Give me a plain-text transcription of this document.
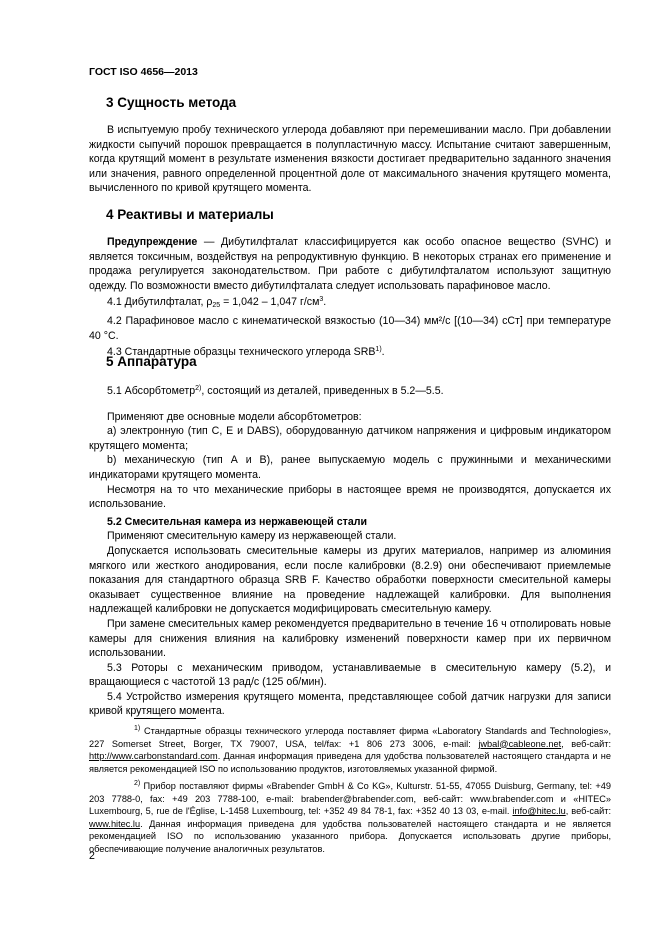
ГОСТ ISO 4656—2013
3 Сущность метода

В испытуемую пробу технического углерода добавляют при перемешивании масло. При добавлении жидкости сыпучий порошок превращается в полупластичную массу. Испытание считают завершенным, когда крутящий момент в результате изменения вязкости достигает предварительно заданного значения или значения, равного определенной процентной доле от максимального значения крутящего момента, вычисленного по кривой крутящего момента.

4 Реактивы и материалы

Предупреждение — Дибутилфталат классифицируется как особо опасное вещество (SVHC) и является токсичным, воздействуя на репродуктивную функцию. В некоторых странах его применение и продажа регулируется законодательством. При работе с дибутилфталатом используют защитную одежду. По возможности вместо дибутилфталата следует использовать парафиновое масло.

4.1 Дибутилфталат, $\rho_{25} = 1,042 - 1,047$ $г/см^3$.

4.2 Парафиновое масло с кинематической вязкостью (10—34) мм²/с [(10—34) сСт] при температуре 40 °С.

4.3 Стандартные образцы технического углерода SRB$^{1)}$.

5 Аппаратура

5.1 Абсорбтометр$^{2)}$, состоящий из деталей, приведенных в 5.2—5.5.

Применяют две основные модели абсорбтометров:

a) электронную (тип С, Е и DABS), оборудованную датчиком напряжения и цифровым индикатором крутящего момента;

b) механическую (тип А и В), ранее выпускаемую модель с пружинными и механическими индикаторами крутящего момента.

Несмотря на то что механические приборы в настоящее время не производятся, допускается их использование.

5.2 Смесительная камера из нержавеющей стали

Применяют смесительную камеру из нержавеющей стали.

Допускается использовать смесительные камеры из других материалов, например из алюминия мягкого или жесткого анодирования, если после калибровки (8.2.9) они обеспечивают приемлемые показания для стандартного образца SRB F. Качество обработки поверхности смесительной камеры оказывает существенное влияние на проведение надлежащей калибровки. Для выполнения надлежащей калибровки не допускается модифицировать смесительную камеру.

При замене смесительных камер рекомендуется предварительно в течение 16 ч отполировать новые камеры для снижения влияния на калибровку изменений поверхности камер при их первичном использовании.

5.3 Роторы с механическим приводом, устанавливаемые в смесительную камеру (5.2), и вращающиеся с частотой 13 рад/с (125 об/мин).

5.4 Устройство измерения крутящего момента, представляющее собой датчик нагрузки для записи кривой крутящего момента.

$^{1)}$ Стандартные образцы технического углерода поставляет фирма «Laboratory Standards and Technologies», 227 Somerset Street, Borger, TX 79007, USA, tel/fax: +1 806 273 3006, e-mail: jwbal@cableone.net, веб-сайт: http://www.carbonstandard.com. Данная информация приведена для удобства пользователей настоящего стандарта и не является рекомендацией ISO по использованию продуктов, изготовляемых указанной фирмой.

$^{2)}$ Прибор поставляют фирмы «Brabender GmbH & Co KG», Kulturstr. 51-55, 47055 Duisburg, Germany, tel: +49 203 7788-0, fax: +49 203 7788-100, e-mail: brabender@brabender.com, веб-сайт: www.brabender.com и «HITEC» Luxembourg, 5, rue de l'Église, L-1458 Luxembourg, tel: +352 49 84 78-1, fax: +352 40 13 03, e-mail. info@hitec.lu, веб-сайт: www.hitec.lu. Данная информация приведена для удобства пользователей настоящего стандарта и не является рекомендацией ISO по использованию указанного прибора. Допускается использовать другие приборы, обеспечивающие получение аналогичных результатов.

2
